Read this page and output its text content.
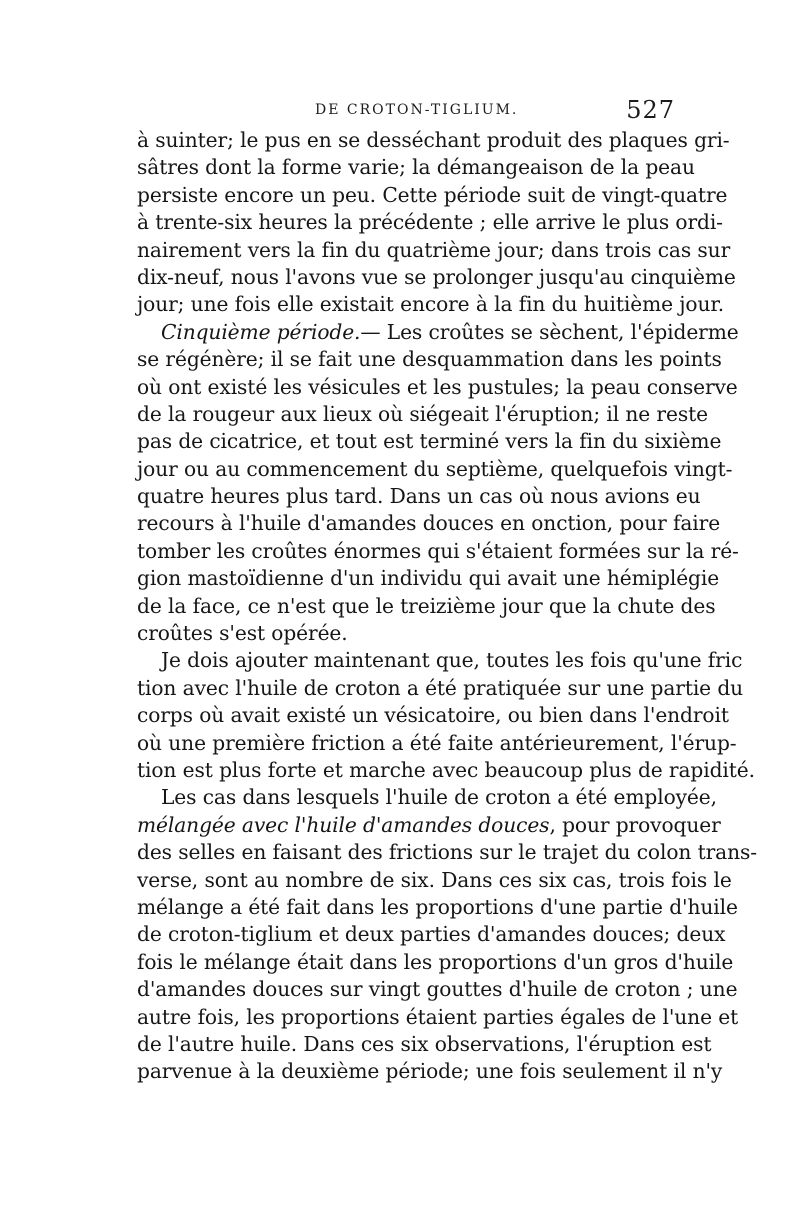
DE CROTON-TIGLIUM.	527
à suinter; le pus en se desséchant produit des plaques gri-
sâtres dont la forme varie; la démangeaison de la peau
persiste encore un peu. Cette période suit de vingt-quatre
à trente-six heures la précédente ; elle arrive le plus ordi-
nairement vers la fin du quatrième jour; dans trois cas sur
dix-neuf, nous l'avons vue se prolonger jusqu'au cinquième
jour; une fois elle existait encore à la fin du huitième jour.
Cinquième période.— Les croûtes se sèchent, l'épiderme
se régénère; il se fait une desquammation dans les points
où ont existé les vésicules et les pustules; la peau conserve
de la rougeur aux lieux où siégeait l'éruption; il ne reste
pas de cicatrice, et tout est terminé vers la fin du sixième
jour ou au commencement du septième, quelquefois vingt-
quatre heures plus tard. Dans un cas où nous avions eu
recours à l'huile d'amandes douces en onction, pour faire
tomber les croûtes énormes qui s'étaient formées sur la ré-
gion mastoïdienne d'un individu qui avait une hémiplégie
de la face, ce n'est que le treizième jour que la chute des
croûtes s'est opérée.
Je dois ajouter maintenant que, toutes les fois qu'une fric
tion avec l'huile de croton a été pratiquée sur une partie du
corps où avait existé un vésicatoire, ou bien dans l'endroit
où une première friction a été faite antérieurement, l'érup-
tion est plus forte et marche avec beaucoup plus de rapidité.
Les cas dans lesquels l'huile de croton a été employée,
mélangée avec l'huile d'amandes douces, pour provoquer
des selles en faisant des frictions sur le trajet du colon trans-
verse, sont au nombre de six. Dans ces six cas, trois fois le
mélange a été fait dans les proportions d'une partie d'huile
de croton-tiglium et deux parties d'amandes douces; deux
fois le mélange était dans les proportions d'un gros d'huile
d'amandes douces sur vingt gouttes d'huile de croton ; une
autre fois, les proportions étaient parties égales de l'une et
de l'autre huile. Dans ces six observations, l'éruption est
parvenue à la deuxième période; une fois seulement il n'y
